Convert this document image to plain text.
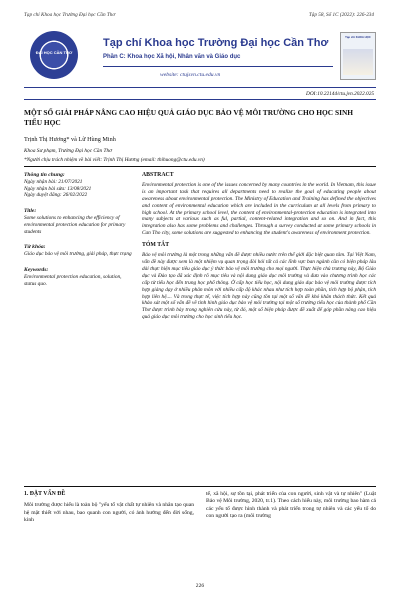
Tạp chí Khoa học Trường Đại học Cần Thơ	Tập 58, Số 1C (2022): 226-234
ĐẠI HỌC CẦN THƠ
Tạp chí Khoa học Trường Đại học Cần Thơ
Phần C: Khoa học Xã hội, Nhân văn và Giáo dục
website: ctujsvn.ctu.edu.vn
Tạp chí KHOA HỌC
DOI:10.22144/ctu.jvn.2022.025
MỘT SỐ GIẢI PHÁP NÂNG CAO HIỆU QUẢ GIÁO DỤC BẢO VỆ MÔI TRƯỜNG CHO HỌC SINH TIỂU HỌC
Trịnh Thị Hương* và Lữ Hùng Minh
Khoa Sư phạm, Trường Đại học Cần Thơ
*Người chịu trách nhiệm về bài viết: Trịnh Thị Hương (email: thihuong@ctu.edu.vn)
Thông tin chung:
Ngày nhận bài: 21/07/2021
Ngày nhận bài sửa: 13/08/2021
Ngày duyệt đăng: 26/02/2022
Title:
Some solutions to enhancing the efficiency of environmental protection education for primary students
Từ khóa:
Giáo dục bảo vệ môi trường, giải pháp, thực trạng
Keywords:
Environmental protection education, solution, status quo.
ABSTRACT
Environmental protection is one of the issues concerned by many countries in the world. In Vietnam, this issue is an important task that requires all departments need to realize the goal of educating people about awareness about environmental protection. The Ministry of Education and Training has defined the objectives and content of environmental education which are included in the curriculum at all levels from primary to high school. At the primary school level, the content of environmental-protection education is integrated into many subjects at various such as ful, partial, content-related integration and so on. And in fact, this integration also has some problems and challenges. Through a survey conducted at some primary schools in Can Tho city, some solutions are suggested to enhancing the student's awareness of environment protection.
TÓM TẮT
Bảo vệ môi trường là một trong những vấn đề được nhiều nước trên thế giới đặc biệt quan tâm. Tại Việt Nam, vấn đề này được xem là một nhiệm vụ quan trọng đòi hỏi tất cả các lĩnh vực ban ngành cần có biện pháp lâu dài thực hiện mục tiêu giáo dục ý thức bảo vệ môi trường cho mọi người. Thực hiện chủ trương này, Bộ Giáo dục và Đào tạo đã xác định rõ mục tiêu và nội dung giáo dục môi trường và đưa vào chương trình học các cấp từ tiểu học đến trung học phổ thông. Ở cấp học tiểu học, nội dung giáo dục bảo vệ môi trường được tích hợp giảng dạy ở nhiều phân môn với nhiều cấp độ khác nhau như tích hợp toàn phần, tích hợp bộ phận, tích hợp liên hệ.... Và trong thực tế, việc tích hợp này cũng tồn tại một số vấn đề khó khăn thách thức. Kết quả khảo sát một số vấn đề về tình hình giáo dục bảo vệ môi trường tại một số trường tiểu học của thành phố Cần Thơ được trình bày trong nghiên cứu này, từ đó, một số biện pháp được đề xuất để góp phần nâng cao hiệu quả giáo dục môi trường cho học sinh tiểu học.
1. ĐẶT VẤN ĐỀ
Môi trường được hiểu là toàn bộ "yếu tố vật chất tự nhiên và nhân tạo quan hệ mật thiết với nhau, bao quanh con người, có ảnh hưởng đến đời sống, kinh
tế, xã hội, sự tồn tại, phát triển của con người, sinh vật và tự nhiên" (Luật Bảo vệ Môi trường, 2020, tr.1). Theo cách hiểu này, môi trường bao hàm cả các yếu tố được hình thành và phát triển trong tự nhiên và các yếu tố do con người tạo ra (môi trường
226
